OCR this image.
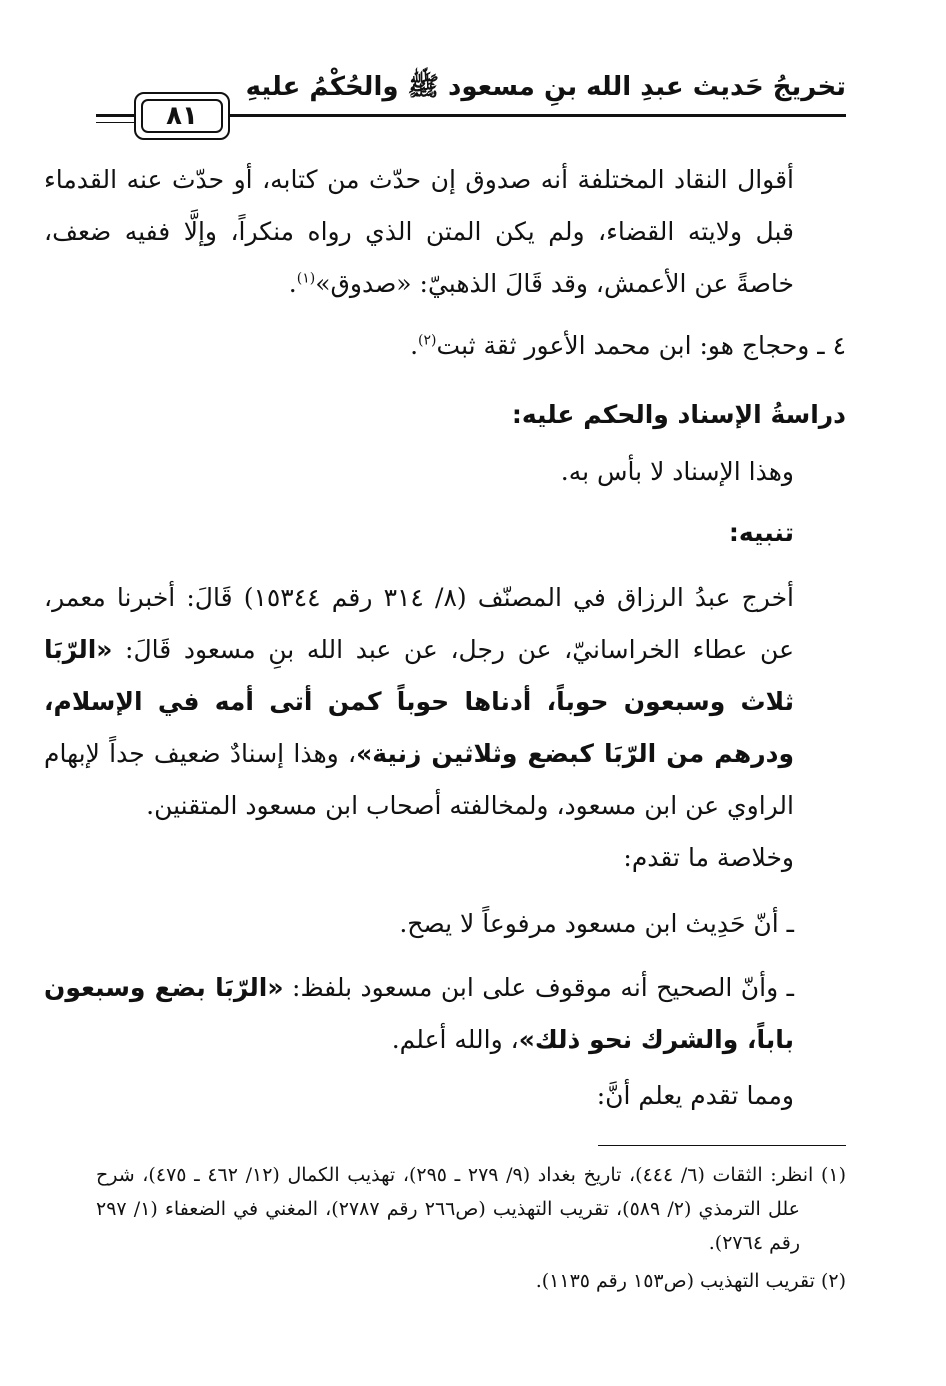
تخريجُ حَديث عبدِ الله بنِ مسعود ﷺ والحُكْمُ عليهِ
٨١

أقوال النقاد المختلفة أنه صدوق إن حدّث من كتابه، أو حدّث عنه القدماء قبل ولايته القضاء، ولم يكن المتن الذي رواه منكراً، وإلَّا ففيه ضعف، خاصةً عن الأعمش، وقد قَالَ الذهبيّ: «صدوق»$^{(١)}$.

٤ ـ وحجاج هو: ابن محمد الأعور ثقة ثبت$^{(٢)}$.

دراسةُ الإسناد والحكم عليه:

وهذا الإسناد لا بأس به.

تنبيه:

أخرج عبدُ الرزاق في المصنّف (٨/ ٣١٤ رقم ١٥٣٤٤) قَالَ: أخبرنا معمر، عن عطاء الخراسانيّ، عن رجل، عن عبد الله بنِ مسعود قَالَ: «الرّبَا ثلاث وسبعون حوباً، أدناها حوباً كمن أتى أمه في الإسلام، ودرهم من الرّبَا كبضع وثلاثين زنية»، وهذا إسنادٌ ضعيف جداً لإبهام الراوي عن ابن مسعود، ولمخالفته أصحاب ابن مسعود المتقنين.

وخلاصة ما تقدم:

ـ أنّ حَدِيث ابن مسعود مرفوعاً لا يصح.

ـ وأنّ الصحيح أنه موقوف على ابن مسعود بلفظ: «الرّبَا بضع وسبعون باباً، والشرك نحو ذلك»، والله أعلم.

ومما تقدم يعلم أنَّ:

(١) انظر: الثقات (٦/ ٤٤٤)، تاريخ بغداد (٩/ ٢٧٩ ـ ٢٩٥)، تهذيب الكمال (١٢/ ٤٦٢ ـ ٤٧٥)، شرح علل الترمذي (٢/ ٥٨٩)، تقريب التهذيب (ص٢٦٦ رقم ٢٧٨٧)، المغني في الضعفاء (١/ ٢٩٧ رقم ٢٧٦٤).
(٢) تقريب التهذيب (ص١٥٣ رقم ١١٣٥).
